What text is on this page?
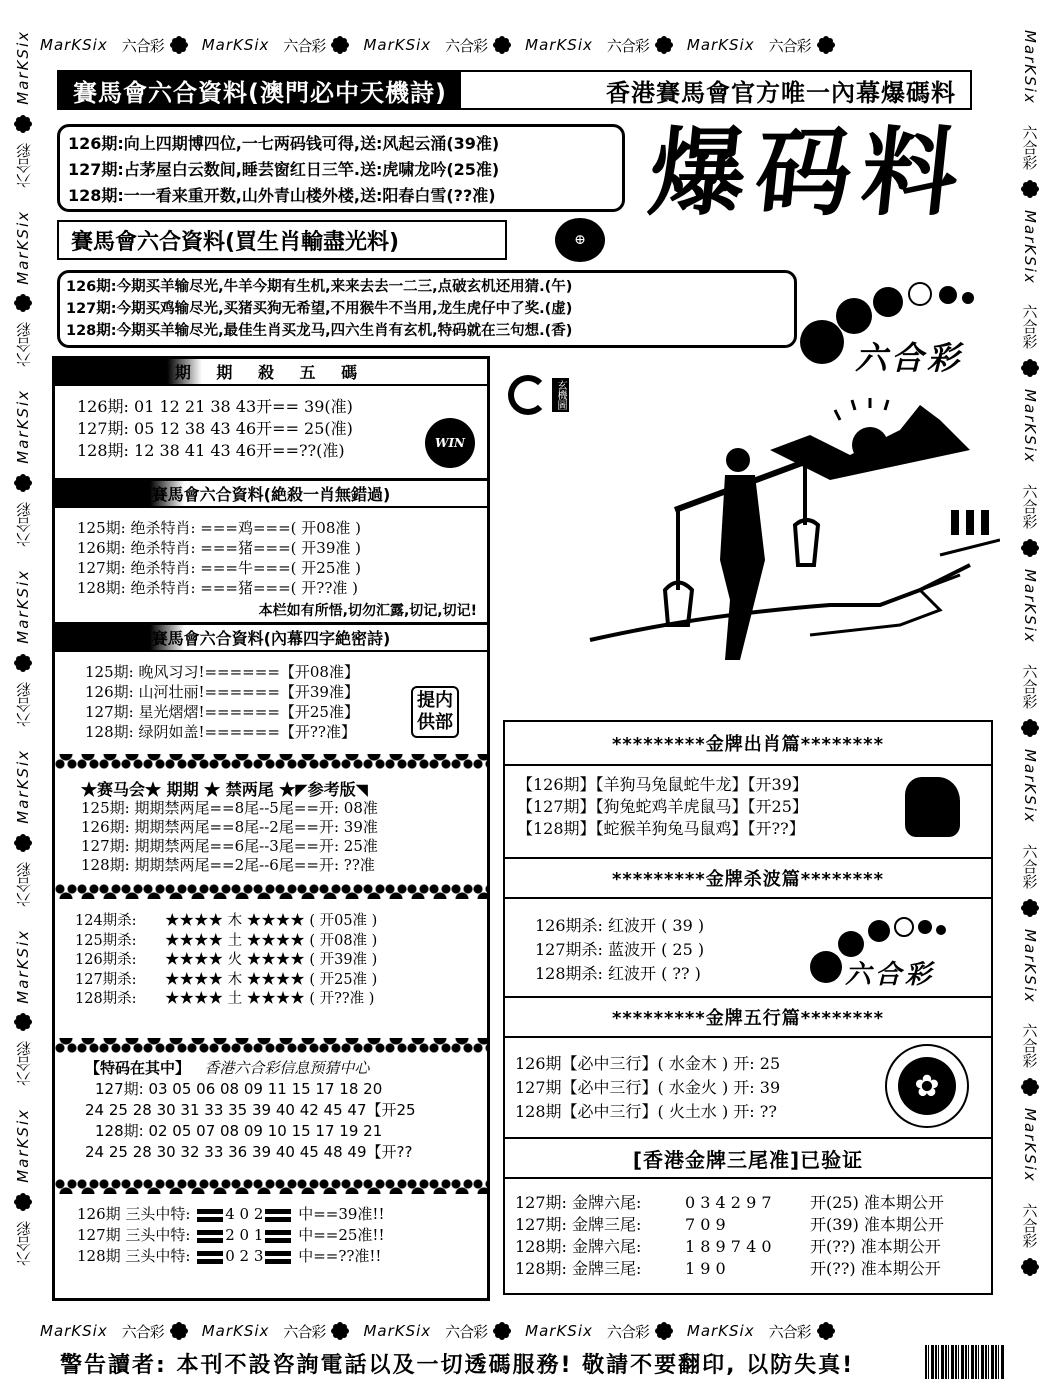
MarKSix 六合彩	MarKSix 六合彩	MarKSix 六合彩	MarKSix 六合彩	MarKSix 六合彩
MarKSix 六合彩	MarKSix 六合彩	MarKSix 六合彩	MarKSix 六合彩	MarKSix 六合彩
MarKSix
六合彩
MarKSix
六合彩
MarKSix
六合彩
MarKSix
六合彩
MarKSix
六合彩
MarKSix
六合彩
MarKSix
六合彩
MarKSix
六合彩
MarKSix
六合彩
MarKSix
六合彩
MarKSix
六合彩
MarKSix
六合彩
MarKSix
六合彩
MarKSix
六合彩
賽馬會六合資料(澳門必中天機詩)	香港賽馬會官方唯一內幕爆碼料
126期:向上四期博四位,一七两码钱可得,送:风起云涌(39准)
127期:占茅屋白云数间,睡芸窗红日三竿.送:虎啸龙吟(25准)
128期:一一看来重开数,山外青山楼外楼,送:阳春白雪(??准)
賽馬會六合資料(買生肖輸盡光料)	⊕
126期:今期买羊输尽光,牛羊今期有生机,来来去去一二三,点破玄机还用猜.(午)
127期:今期买鸡输尽光,买猪买狗无希望,不用猴牛不当用,龙生虎仔中了奖.(虚)
128期:今期买羊输尽光,最佳生肖买龙马,四六生肖有玄机,特码就在三句想.(香)
爆码料
六合彩
玄機圖
期 期 殺 五 碼
126期: 01 12 21 38 43开== 39(准)
127期: 05 12 38 43 46开== 25(准)
128期: 12 38 41 43 46开==??(准)	WIN
賽馬會六合資料(絶殺一肖無錯過)
125期: 绝杀特肖: ===鸡===( 开08准 )
126期: 绝杀特肖: ===猪===( 开39准 )
127期: 绝杀特肖: ===牛===( 开25准 )
128期: 绝杀特肖: ===猪===( 开??准 )
本栏如有所悟,切勿汇露,切记,切记!
賽馬會六合資料(內幕四字絶密詩)
125期: 晚风习习!======【开08准】
126期: 山河壮丽!======【开39准】
127期: 星光熠熠!======【开25准】
128期: 绿阴如盖!======【开??准】
提内
供部
★赛马会★ 期期 ★ 禁两尾 ★◤参考版◥
125期: 期期禁两尾==8尾--5尾==开: 08准
126期: 期期禁两尾==8尾--2尾==开: 39准
127期: 期期禁两尾==6尾--3尾==开: 25准
128期: 期期禁两尾==2尾--6尾==开: ??准
124期杀: ★★★★ 木 ★★★★ ( 开05准 )
125期杀: ★★★★ 土 ★★★★ ( 开08准 )
126期杀: ★★★★ 火 ★★★★ ( 开39准 )
127期杀: ★★★★ 木 ★★★★ ( 开25准 )
128期杀: ★★★★ 土 ★★★★ ( 开??准 )
【特码在其中】 香港六合彩信息预猜中心
127期: 03 05 06 08 09 11 15 17 18 20
24 25 28 30 31 33 35 39 40 42 45 47【开25
128期: 02 05 07 08 09 10 15 17 19 21
24 25 28 30 32 33 36 39 40 45 48 49【开??
126期 三头中特: 4 0 2 中==39准!!
127期 三头中特: 2 0 1 中==25准!!
128期 三头中特: 0 2 3 中==??准!!
*********金牌出肖篇********
【126期】【羊狗马兔鼠蛇牛龙】【开39】
【127期】【狗兔蛇鸡羊虎鼠马】【开25】
【128期】【蛇猴羊狗兔马鼠鸡】【开??】
*********金牌杀波篇********
126期杀: 红波开 ( 39 )
127期杀: 蓝波开 ( 25 )
128期杀: 红波开 ( ?? )	六合彩
*********金牌五行篇********
126期【必中三行】( 水金木 ) 开: 25
127期【必中三行】( 水金火 ) 开: 39
128期【必中三行】( 火土水 ) 开: ??
✿
[香港金牌三尾准]已验证
127期: 金牌六尾:	0 3 4 2 9 7 开(25) 准本期公开
127期: 金牌三尾:	7 0 9	开(39) 准本期公开
128期: 金牌六尾:	1 8 9 7 4 0 开(??) 准本期公开
128期: 金牌三尾:	1 9 0	开(??) 准本期公开
警告讀者: 本刊不設咨詢電話以及一切透碼服務! 敬請不要翻印, 以防失真!
